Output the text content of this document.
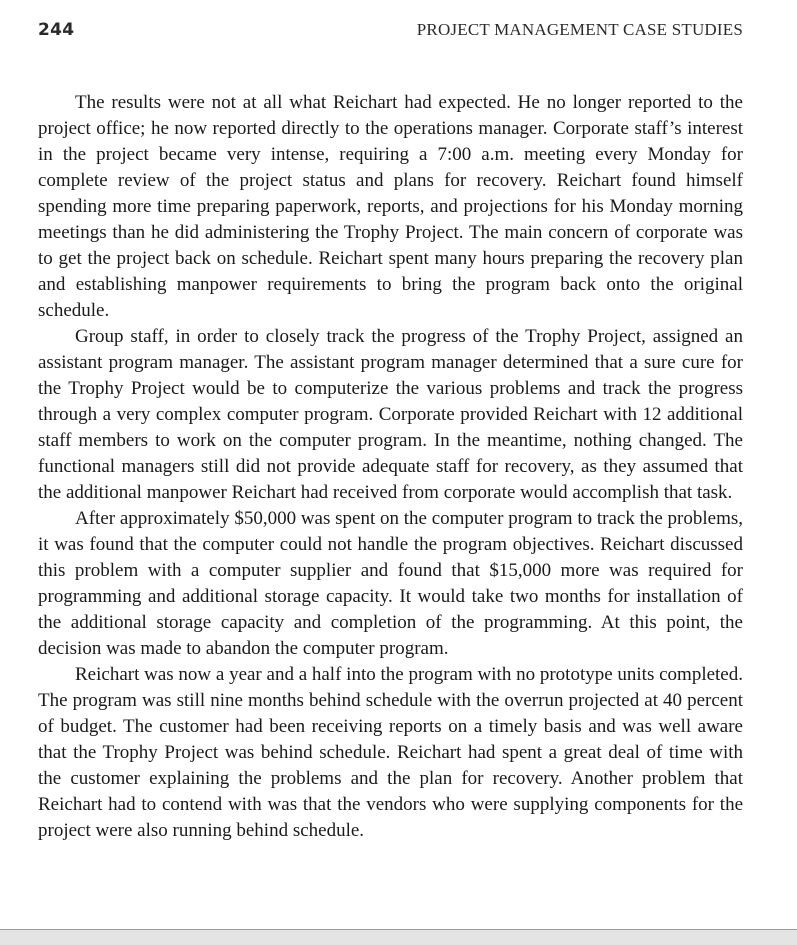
244	PROJECT MANAGEMENT CASE STUDIES

The results were not at all what Reichart had expected. He no longer reported to the project office; he now reported directly to the operations manager. Corporate staff’s interest in the project became very intense, requiring a 7:00 a.m. meeting every Monday for complete review of the project status and plans for recovery. Reichart found himself spending more time preparing paperwork, reports, and projections for his Monday morning meetings than he did administering the Trophy Project. The main concern of corporate was to get the project back on schedule. Reichart spent many hours preparing the recovery plan and establishing manpower requirements to bring the program back onto the original schedule.

Group staff, in order to closely track the progress of the Trophy Project, assigned an assistant program manager. The assistant program manager determined that a sure cure for the Trophy Project would be to computerize the various problems and track the progress through a very complex computer program. Corporate provided Reichart with 12 additional staff members to work on the computer program. In the meantime, nothing changed. The functional managers still did not provide adequate staff for recovery, as they assumed that the additional manpower Reichart had received from corporate would accomplish that task.

After approximately $50,000 was spent on the computer program to track the problems, it was found that the computer could not handle the program objectives. Reichart discussed this problem with a computer supplier and found that $15,000 more was required for programming and additional storage capacity. It would take two months for installation of the additional storage capacity and completion of the programming. At this point, the decision was made to abandon the computer program.

Reichart was now a year and a half into the program with no prototype units completed. The program was still nine months behind schedule with the overrun projected at 40 percent of budget. The customer had been receiving reports on a timely basis and was well aware that the Trophy Project was behind schedule. Reichart had spent a great deal of time with the customer explaining the problems and the plan for recovery. Another problem that Reichart had to contend with was that the vendors who were supplying components for the project were also running behind schedule.
